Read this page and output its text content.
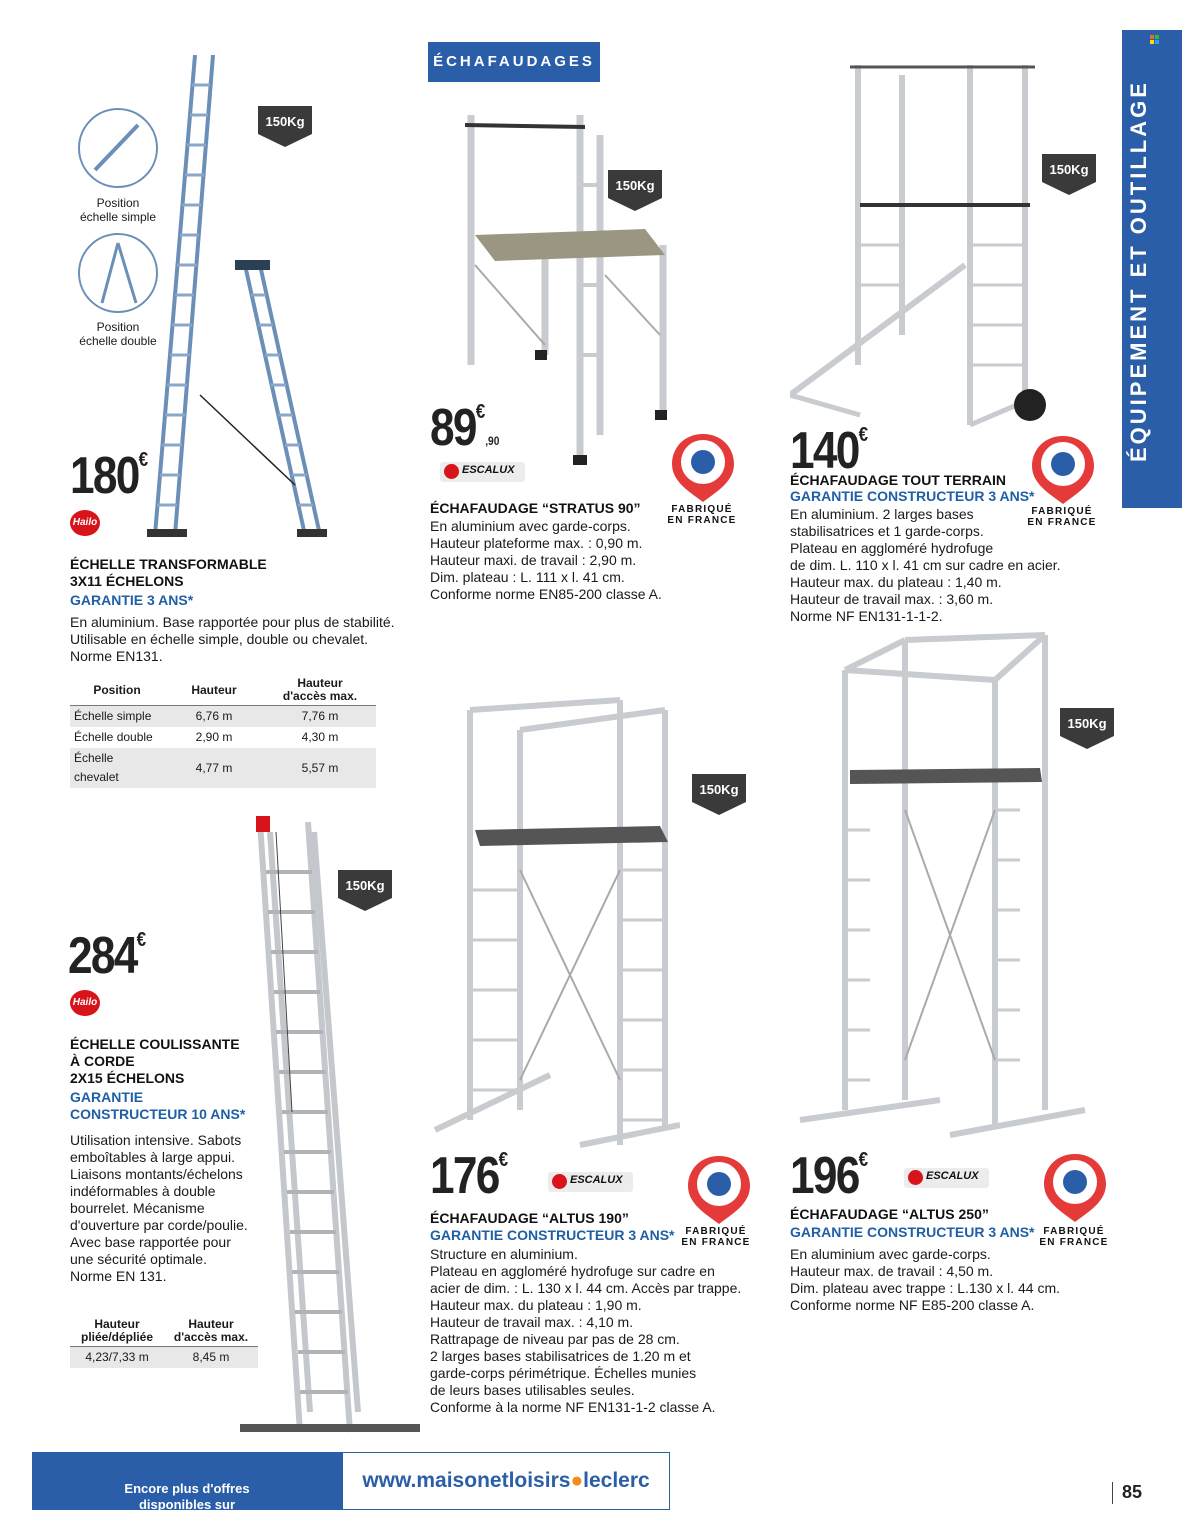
ÉQUIPEMENT ET OUTILLAGE
ÉCHAFAUDAGES
Position
échelle simple
Position
échelle double
150Kg
150Kg
150Kg
150Kg
150Kg
150Kg
180€
Hailo
ÉCHELLE TRANSFORMABLE
3X11 ÉCHELONS
GARANTIE 3 ANS*
En aluminium. Base rapportée pour plus de stabilité.
Utilisable en échelle simple, double ou chevalet.
Norme EN131.
Position	Hauteur	Hauteur
d'accès max.
Échelle simple	6,76 m	7,76 m
Échelle double	2,90 m	4,30 m
Échelle chevalet	4,77 m	5,57 m
284€
Hailo
ÉCHELLE COULISSANTE
À CORDE
2X15 ÉCHELONS
GARANTIE
CONSTRUCTEUR 10 ANS*
Utilisation intensive. Sabots
emboîtables à large appui.
Liaisons montants/échelons
indéformables à double
bourrelet. Mécanisme
d'ouverture par corde/poulie.
Avec base rapportée pour
une sécurité optimale.
Norme EN 131.
Hauteur
pliée/dépliée	Hauteur
d'accès max.
4,23/7,33 m	8,45 m
89€,90
ESCALUX
ÉCHAFAUDAGE “STRATUS 90”
En aluminium avec garde-corps.
Hauteur plateforme max. : 0,90 m.
Hauteur maxi. de travail : 2,90 m.
Dim. plateau : L. 111 x l. 41 cm.
Conforme norme EN85-200 classe A.
FABRIQUÉ
EN FRANCE
140€
ÉCHAFAUDAGE TOUT TERRAIN
GARANTIE CONSTRUCTEUR 3 ANS*
En aluminium. 2 larges bases
stabilisatrices et 1 garde-corps.
Plateau en aggloméré hydrofuge
de dim. L. 110 x l. 41 cm sur cadre en acier.
Hauteur max. du plateau : 1,40 m.
Hauteur de travail max. : 3,60 m.
Norme NF EN131-1-1-2.
FABRIQUÉ
EN FRANCE
176€
ESCALUX
ÉCHAFAUDAGE “ALTUS 190”
GARANTIE CONSTRUCTEUR 3 ANS*
Structure en aluminium.
Plateau en aggloméré hydrofuge sur cadre en
acier de dim. : L. 130 x l. 44 cm. Accès par trappe.
Hauteur max. du plateau : 1,90 m.
Hauteur de travail max. : 4,10 m.
Rattrapage de niveau par pas de 28 cm.
2 larges bases stabilisatrices de 1.20 m et
garde-corps périmétrique. Échelles munies
de leurs bases utilisables seules.
Conforme à la norme NF EN131-1-2 classe A.
FABRIQUÉ
EN FRANCE
196€
ESCALUX
ÉCHAFAUDAGE “ALTUS 250”
GARANTIE CONSTRUCTEUR 3 ANS*
En aluminium avec garde-corps.
Hauteur max. de travail : 4,50 m.
Dim. plateau avec trappe : L.130 x l. 44 cm.
Conforme norme NF E85-200 classe A.
FABRIQUÉ
EN FRANCE

Encore plus d'offres
disponibles sur

www.maisonetloisirs●leclerc	85
